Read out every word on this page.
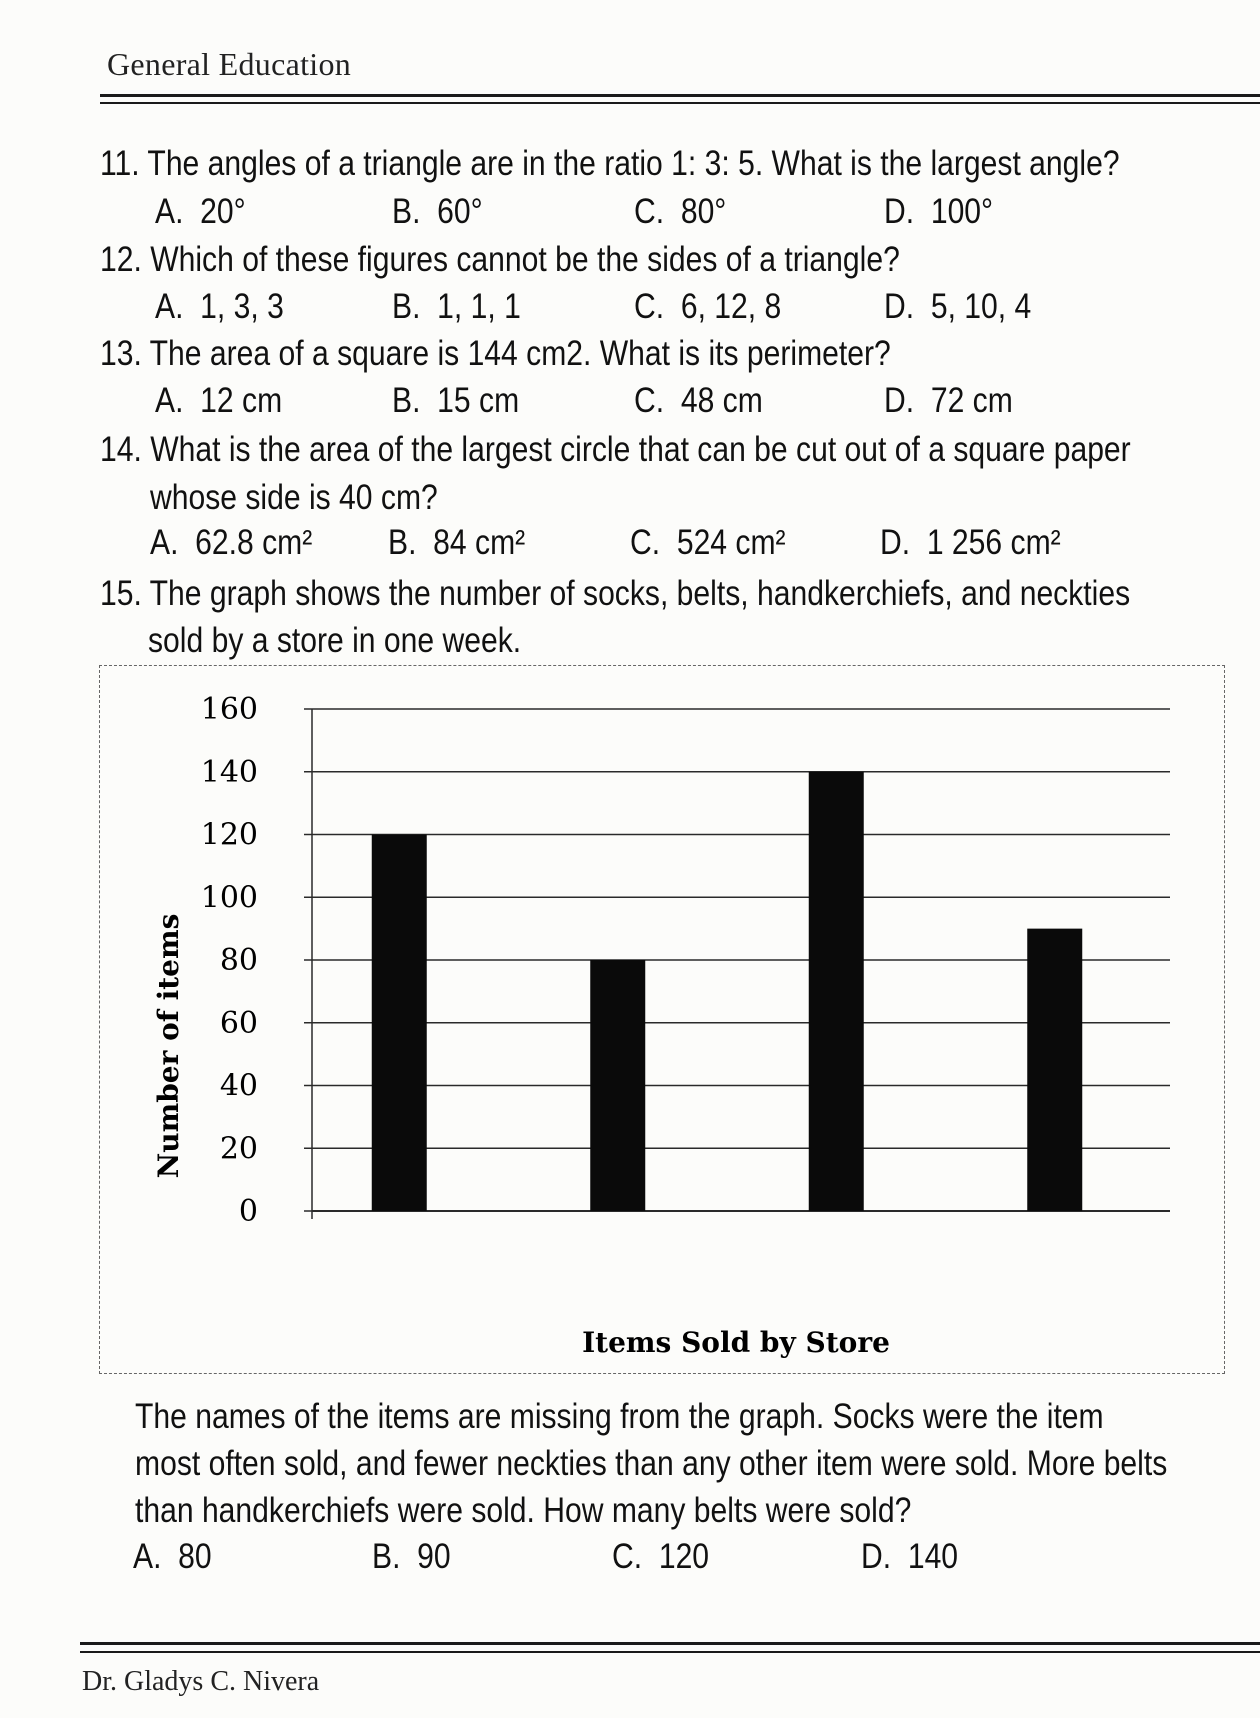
General Education
11. The angles of a triangle are in the ratio 1: 3: 5. What is the largest angle?
A. 20°	B. 60°	C. 80°	D. 100°
12. Which of these figures cannot be the sides of a triangle?
A. 1, 3, 3	B. 1, 1, 1	C. 6, 12, 8	D. 5, 10, 4
13. The area of a square is 144 cm2. What is its perimeter?
A. 12 cm	B. 15 cm	C. 48 cm	D. 72 cm
14. What is the area of the largest circle that can be cut out of a square paper
whose side is 40 cm?
A. 62.8 cm² B. 84 cm²	C. 524 cm²	D. 1 256 cm²
15. The graph shows the number of socks, belts, handkerchiefs, and neckties
sold by a store in one week.
0
20
40
60
80
100
120
140
160
Number of items
Items Sold by Store
The names of the items are missing from the graph. Socks were the item
most often sold, and fewer neckties than any other item were sold. More belts
than handkerchiefs were sold. How many belts were sold?
A. 80	B. 90	C. 120	D. 140
Dr. Gladys C. Nivera
